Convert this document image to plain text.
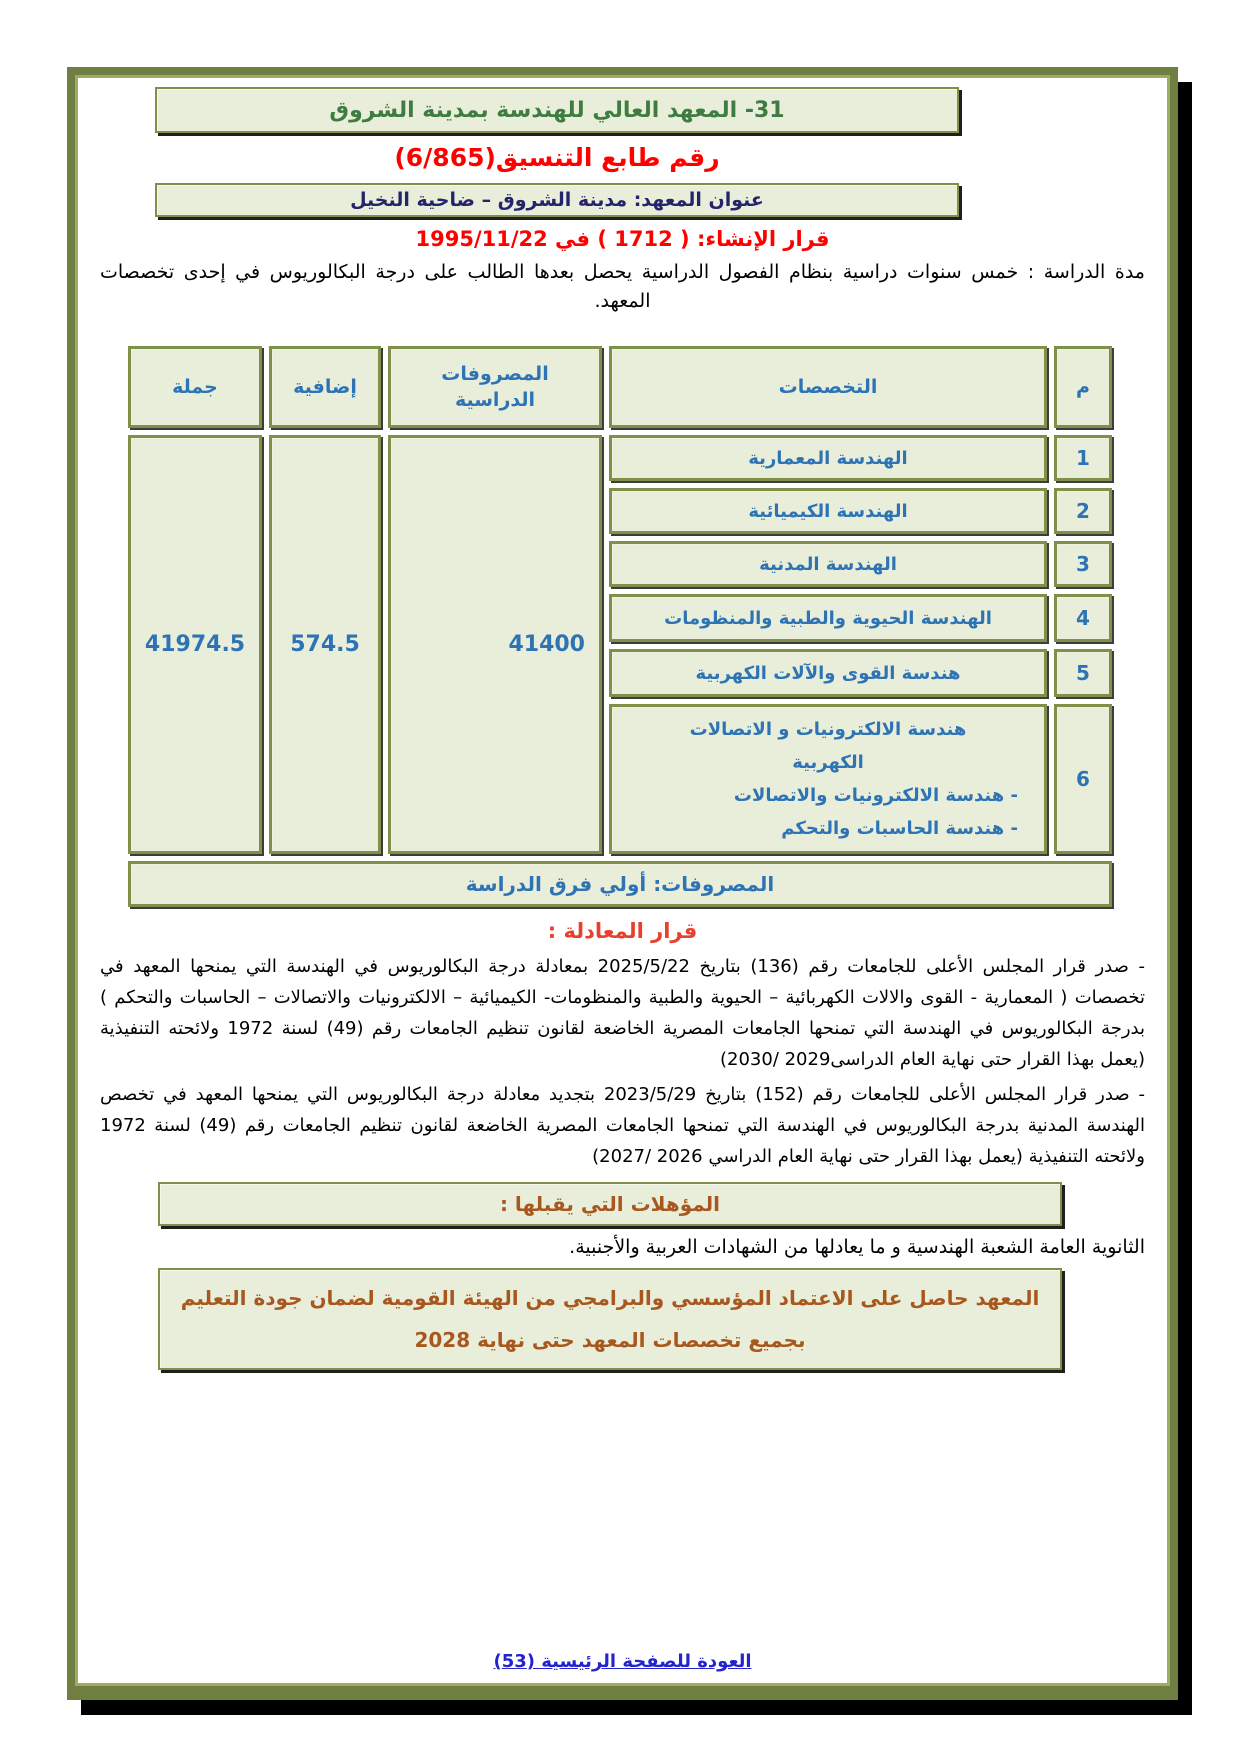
31- المعهد العالي للهندسة بمدينة الشروق
رقم طابع التنسيق(6/865)
عنوان المعهد: مدينة الشروق – ضاحية النخيل
قرار الإنشاء: ( 1712 ) في 1995/11/22

مدة الدراسة : خمس سنوات دراسية بنظام الفصول الدراسية يحصل بعدها الطالب على درجة البكالوريوس في إحدى تخصصات المعهد.

م
التخصصات
المصروفات الدراسية
إضافية
جملة
1
الهندسة المعمارية
2
الهندسة الكيميائية
3
الهندسة المدنية
4
الهندسة الحيوية والطبية والمنظومات
5
هندسة القوى والآلات الكهربية
6
هندسة الالكترونيات و الاتصالات الكهربية
- هندسة الالكترونيات والاتصالات
- هندسة الحاسبات والتحكم
41400
574.5
41974.5
المصروفات: أولي فرق الدراسة
قرار المعادلة :

- صدر قرار المجلس الأعلى للجامعات رقم (136) بتاريخ 2025/5/22 بمعادلة درجة البكالوريوس في الهندسة التي يمنحها المعهد في تخصصات ( المعمارية - القوى والالات الكهربائية – الحيوية والطبية والمنظومات- الكيميائية – الالكترونيات والاتصالات – الحاسبات والتحكم ) بدرجة البكالوريوس في الهندسة التي تمنحها الجامعات المصرية الخاضعة لقانون تنظيم الجامعات رقم (49) لسنة 1972 ولائحته التنفيذية (يعمل بهذا القرار حتى نهاية العام الدراسى2029 /2030)

- صدر قرار المجلس الأعلى للجامعات رقم (152) بتاريخ 2023/5/29 بتجديد معادلة درجة البكالوريوس التي يمنحها المعهد في تخصص الهندسة المدنية بدرجة البكالوريوس في الهندسة التي تمنحها الجامعات المصرية الخاضعة لقانون تنظيم الجامعات رقم (49) لسنة 1972 ولائحته التنفيذية (يعمل بهذا القرار حتى نهاية العام الدراسي 2026 /2027)

المؤهلات التي يقبلها :
الثانوية العامة الشعبة الهندسية و ما يعادلها من الشهادات العربية والأجنبية.
المعهد حاصل على الاعتماد المؤسسي والبرامجي من الهيئة القومية لضمان جودة التعليم
بجميع تخصصات المعهد حتى نهاية 2028
العودة للصفحة الرئيسية (53)
